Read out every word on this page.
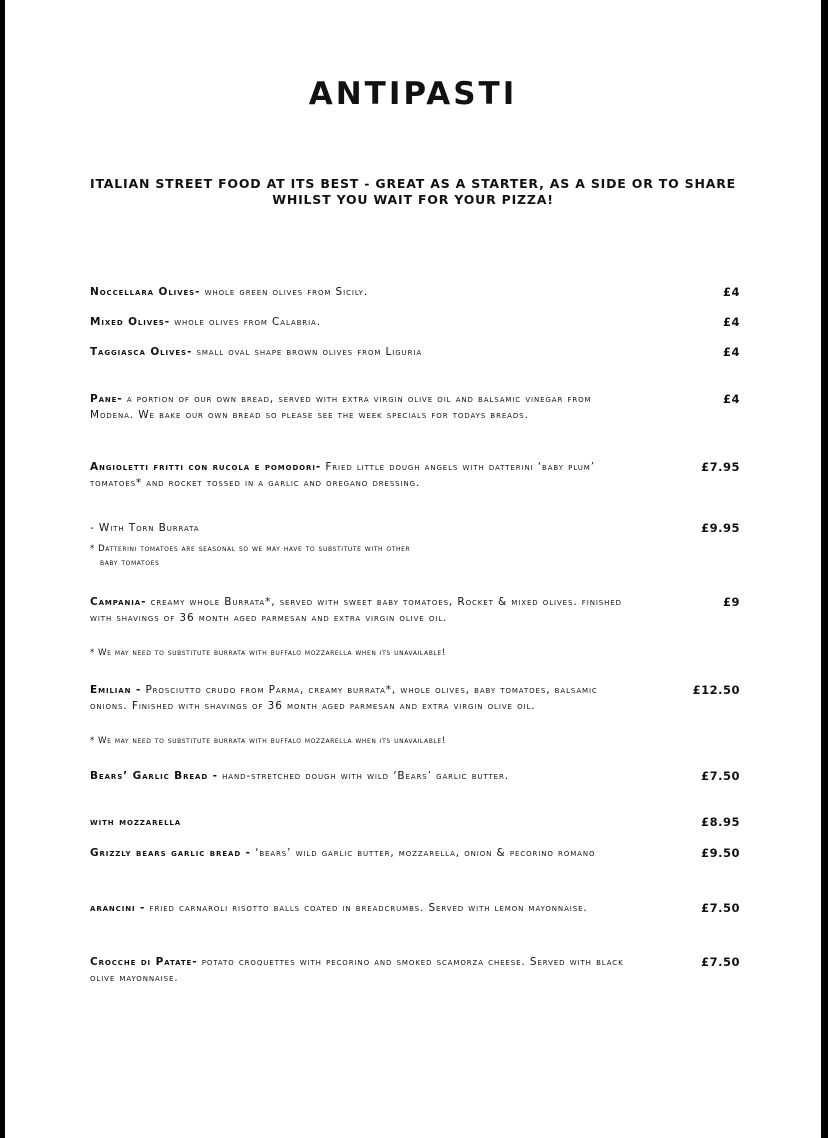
ANTIPASTI

ITALIAN STREET FOOD AT ITS BEST - GREAT AS A STARTER, AS A SIDE OR TO SHARE WHILST YOU WAIT FOR YOUR PIZZA!

Noccellara Olives- whole green olives from Sicily.	£4
Mixed Olives- whole olives from Calabria.	£4
Taggiasca Olives- small oval shape brown olives from Liguria	£4
Pane- a portion of our own bread, served with extra virgin olive oil and balsamic vinegar from Modena. We bake our own bread so please see the week specials for todays breads.
£4
Angioletti fritti con rucola e pomodori- Fried little dough angels with datterini ‘baby plum’ tomatoes* and rocket tossed in a garlic and oregano dressing.
£7.95
- With Torn Burrata	£9.95
* Datterini tomatoes are seasonal so we may have to substitute with other
baby tomatoes
Campania- creamy whole Burrata*, served with sweet baby tomatoes, Rocket & mixed olives. finished with shavings of 36 month aged parmesan and extra virgin olive oil.
£9
* We may need to substitute burrata with buffalo mozzarella when its unavailable!
Emilian - Prosciutto crudo from Parma, creamy burrata*, whole olives, baby tomatoes, balsamic onions. Finished with shavings of 36 month aged parmesan and extra virgin olive oil.
£12.50
* We may need to substitute burrata with buffalo mozzarella when its unavailable!
Bears’ Garlic Bread - hand-stretched dough with wild ‘Bears’ garlic butter.	£7.50
with mozzarella	£8.95
Grizzly bears garlic bread - ‘bears’ wild garlic butter, mozzarella, onion & pecorino romano	£9.50
arancini - fried carnaroli risotto balls coated in breadcrumbs. Served with lemon mayonnaise.	£7.50
Crocche di Patate- potato croquettes with pecorino and smoked scamorza cheese. Served with black olive mayonnaise.
£7.50
